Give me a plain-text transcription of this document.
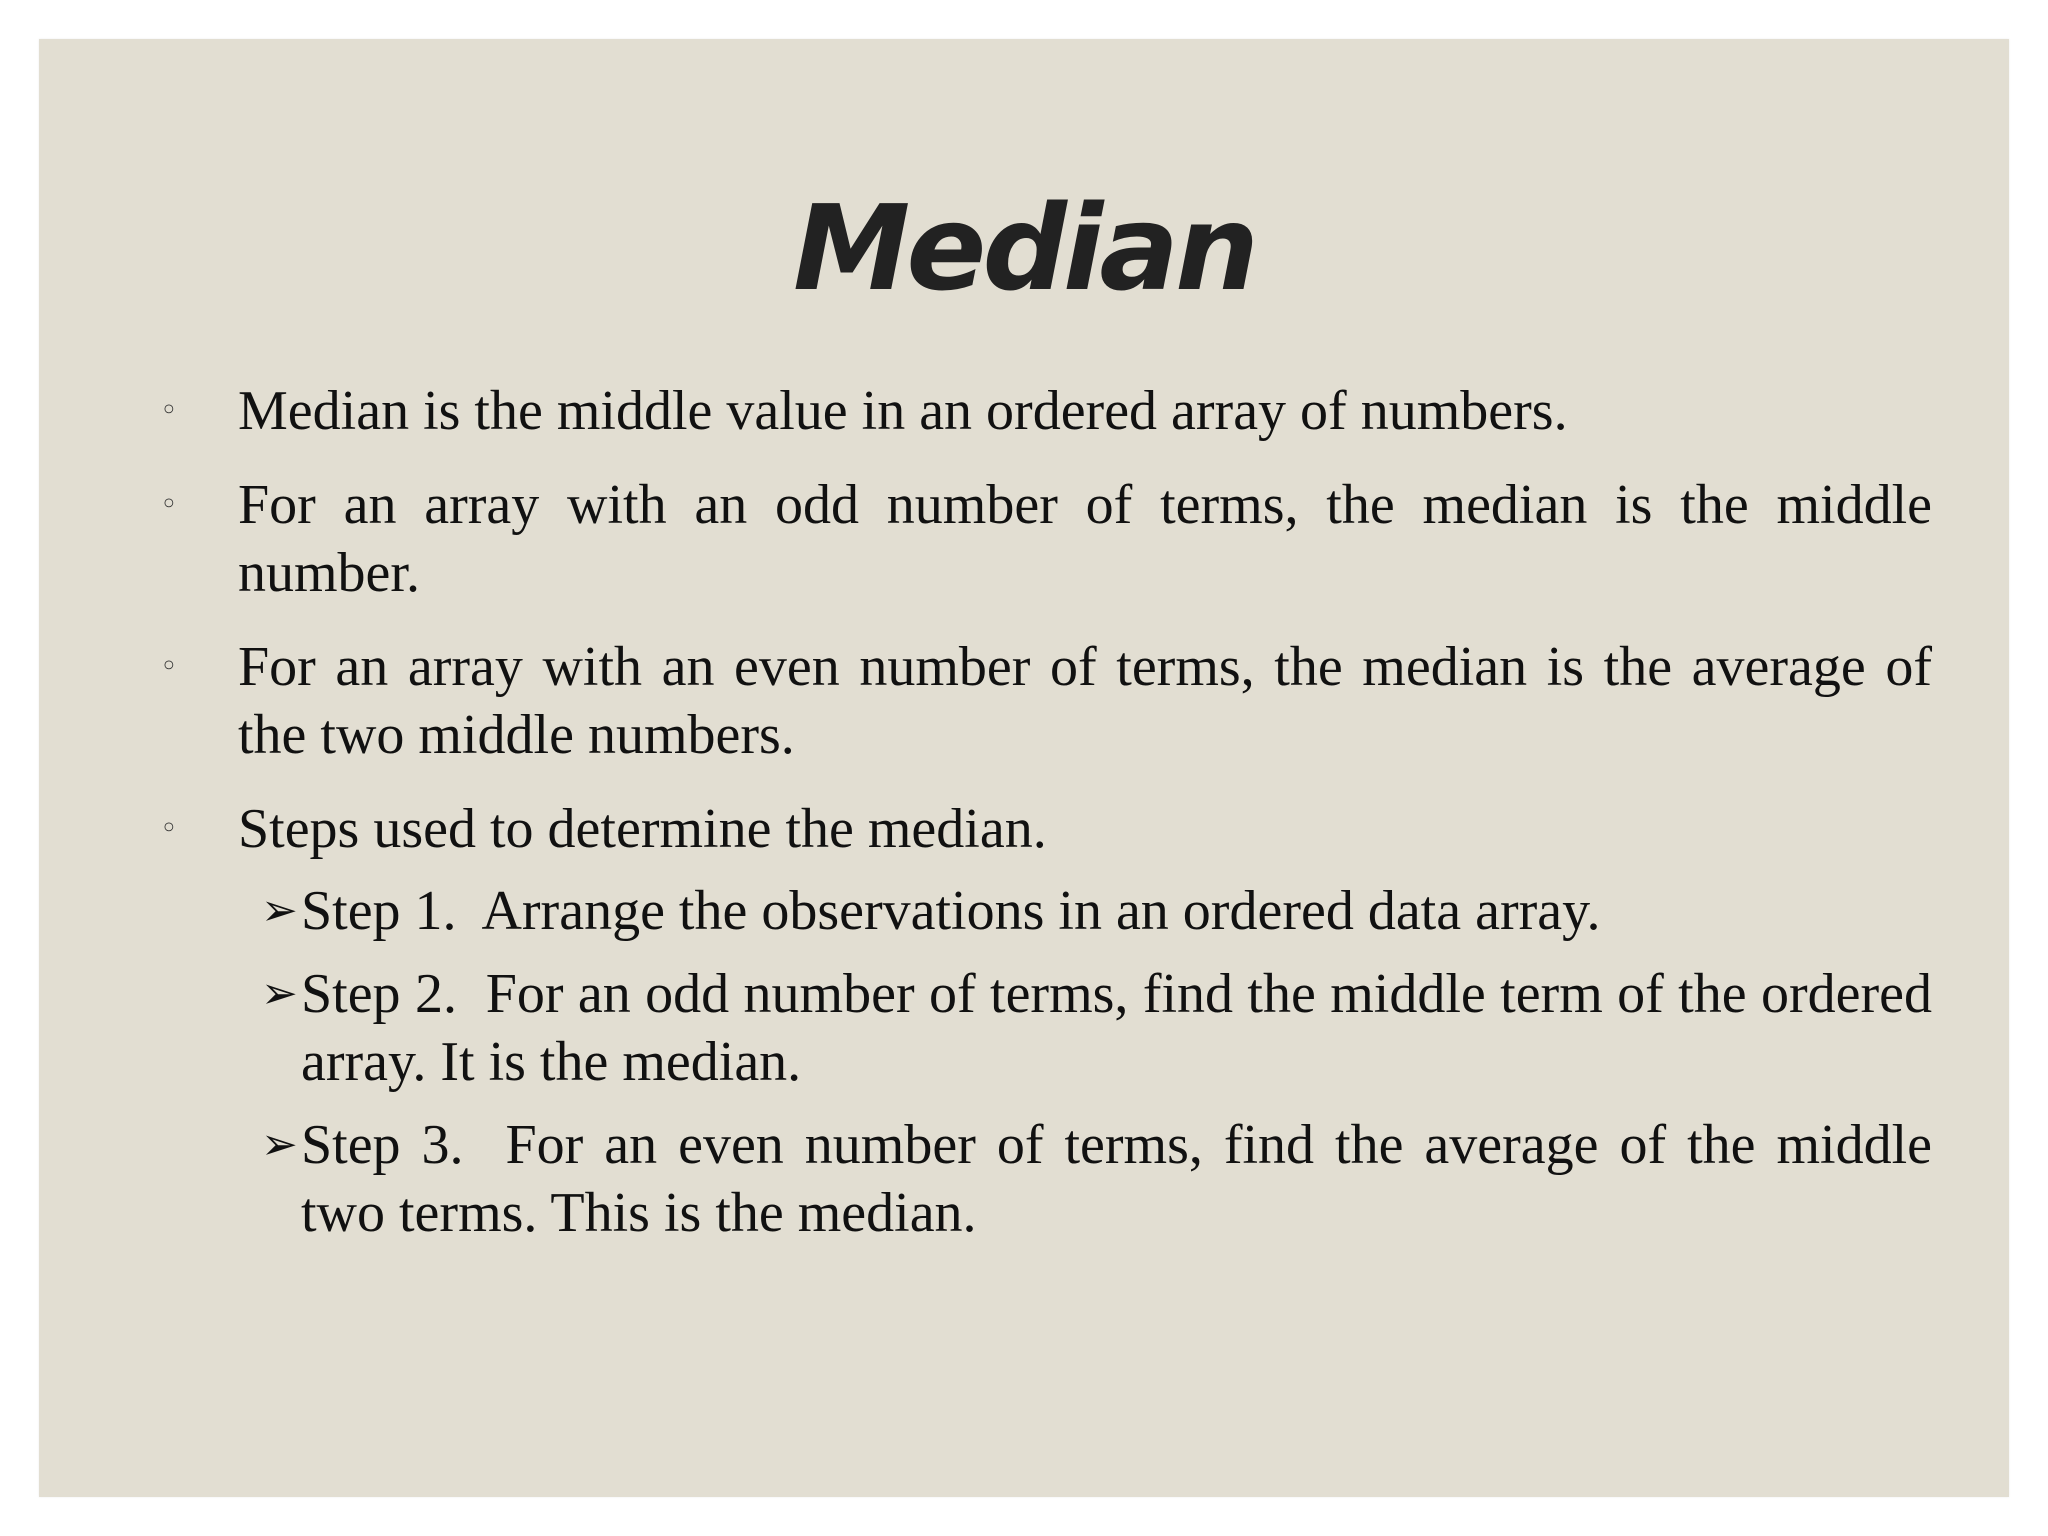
Median
◦	Median is the middle value in an ordered array of numbers.
◦	For an array with an odd number of terms, the median is the middle number.
◦	For an array with an even number of terms, the median is the average of the two middle numbers.
◦	Steps used to determine the median.
➢ Step 1.  Arrange the observations in an ordered data array.
➢ Step 2.  For an odd number of terms, find the middle term of the ordered array. It is the median.
➢ Step 3.  For an even number of terms, find the average of the middle two terms. This is the median.
